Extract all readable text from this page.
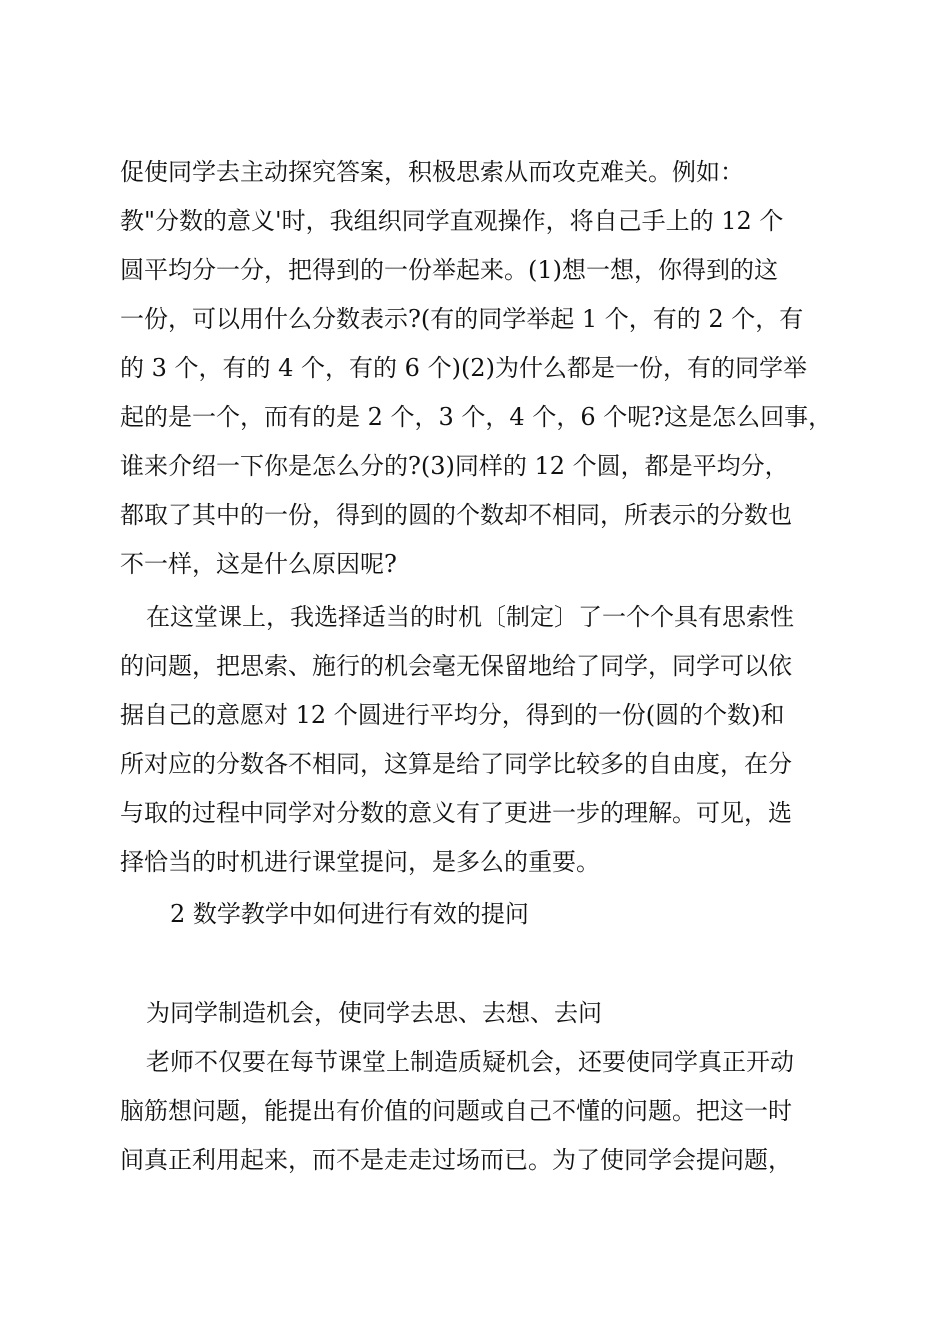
促使同学去主动探究答案，积极思索从而攻克难关。例如：
教"分数的意义'时，我组织同学直观操作，将自己手上的 12 个
圆平均分一分，把得到的一份举起来。(1)想一想，你得到的这
一份，可以用什么分数表示?(有的同学举起 1 个，有的 2 个，有
的 3 个，有的 4 个，有的 6 个)(2)为什么都是一份，有的同学举
起的是一个，而有的是 2 个，3 个，4 个，6 个呢?这是怎么回事，
谁来介绍一下你是怎么分的?(3)同样的 12 个圆，都是平均分，
都取了其中的一份，得到的圆的个数却不相同，所表示的分数也
不一样，这是什么原因呢?
在这堂课上，我选择适当的时机〔制定〕了一个个具有思索性
的问题，把思索、施行的机会毫无保留地给了同学，同学可以依
据自己的意愿对 12 个圆进行平均分，得到的一份(圆的个数)和
所对应的分数各不相同，这算是给了同学比较多的自由度，在分
与取的过程中同学对分数的意义有了更进一步的理解。可见，选
择恰当的时机进行课堂提问，是多么的重要。
2 数学教学中如何进行有效的提问
为同学制造机会，使同学去思、去想、去问
老师不仅要在每节课堂上制造质疑机会，还要使同学真正开动
脑筋想问题，能提出有价值的问题或自己不懂的问题。把这一时
间真正利用起来，而不是走走过场而已。为了使同学会提问题，
